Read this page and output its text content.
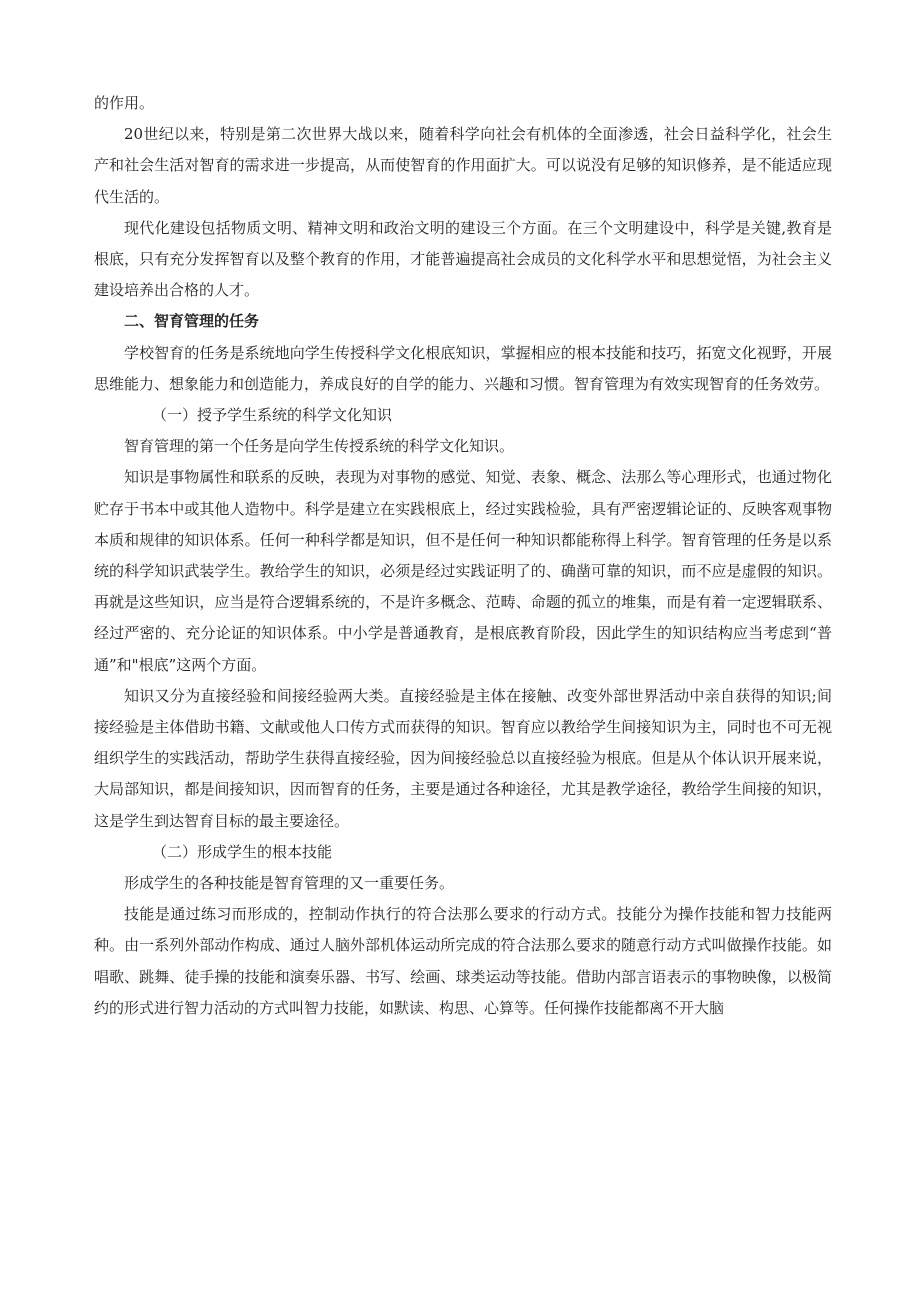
的作用。

20世纪以来，特别是第二次世界大战以来，随着科学向社会有机体的全面渗透，社会日益科学化，社会生产和社会生活对智育的需求进一步提高，从而使智育的作用面扩大。可以说没有足够的知识修养，是不能适应现代生活的。

现代化建设包括物质文明、精神文明和政治文明的建设三个方面。在三个文明建设中，科学是关键,教育是根底，只有充分发挥智育以及整个教育的作用，才能普遍提高社会成员的文化科学水平和思想觉悟，为社会主义建设培养出合格的人才。

二、智育管理的任务

学校智育的任务是系统地向学生传授科学文化根底知识，掌握相应的根本技能和技巧，拓宽文化视野，开展思维能力、想象能力和创造能力，养成良好的自学的能力、兴趣和习惯。智育管理为有效实现智育的任务效劳。

（一）授予学生系统的科学文化知识

智育管理的第一个任务是向学生传授系统的科学文化知识。

知识是事物属性和联系的反映，表现为对事物的感觉、知觉、表象、概念、法那么等心理形式，也通过物化贮存于书本中或其他人造物中。科学是建立在实践根底上，经过实践检验，具有严密逻辑论证的、反映客观事物本质和规律的知识体系。任何一种科学都是知识，但不是任何一种知识都能称得上科学。智育管理的任务是以系统的科学知识武装学生。教给学生的知识，必须是经过实践证明了的、确凿可靠的知识，而不应是虚假的知识。再就是这些知识，应当是符合逻辑系统的，不是许多概念、范畴、命题的孤立的堆集，而是有着一定逻辑联系、经过严密的、充分论证的知识体系。中小学是普通教育，是根底教育阶段，因此学生的知识结构应当考虑到“普通”和"根底”这两个方面。

知识又分为直接经验和间接经验两大类。直接经验是主体在接触、改变外部世界活动中亲自获得的知识;间接经验是主体借助书籍、文献或他人口传方式而获得的知识。智育应以教给学生间接知识为主，同时也不可无视组织学生的实践活动，帮助学生获得直接经验，因为间接经验总以直接经验为根底。但是从个体认识开展来说，大局部知识，都是间接知识，因而智育的任务，主要是通过各种途径，尤其是教学途径，教给学生间接的知识，这是学生到达智育目标的最主要途径。

（二）形成学生的根本技能

形成学生的各种技能是智育管理的又一重要任务。

技能是通过练习而形成的，控制动作执行的符合法那么要求的行动方式。技能分为操作技能和智力技能两种。由一系列外部动作构成、通过人脑外部机体运动所完成的符合法那么要求的随意行动方式叫做操作技能。如唱歌、跳舞、徒手操的技能和演奏乐器、书写、绘画、球类运动等技能。借助内部言语表示的事物映像，以极简约的形式进行智力活动的方式叫智力技能，如默读、构思、心算等。任何操作技能都离不开大脑
